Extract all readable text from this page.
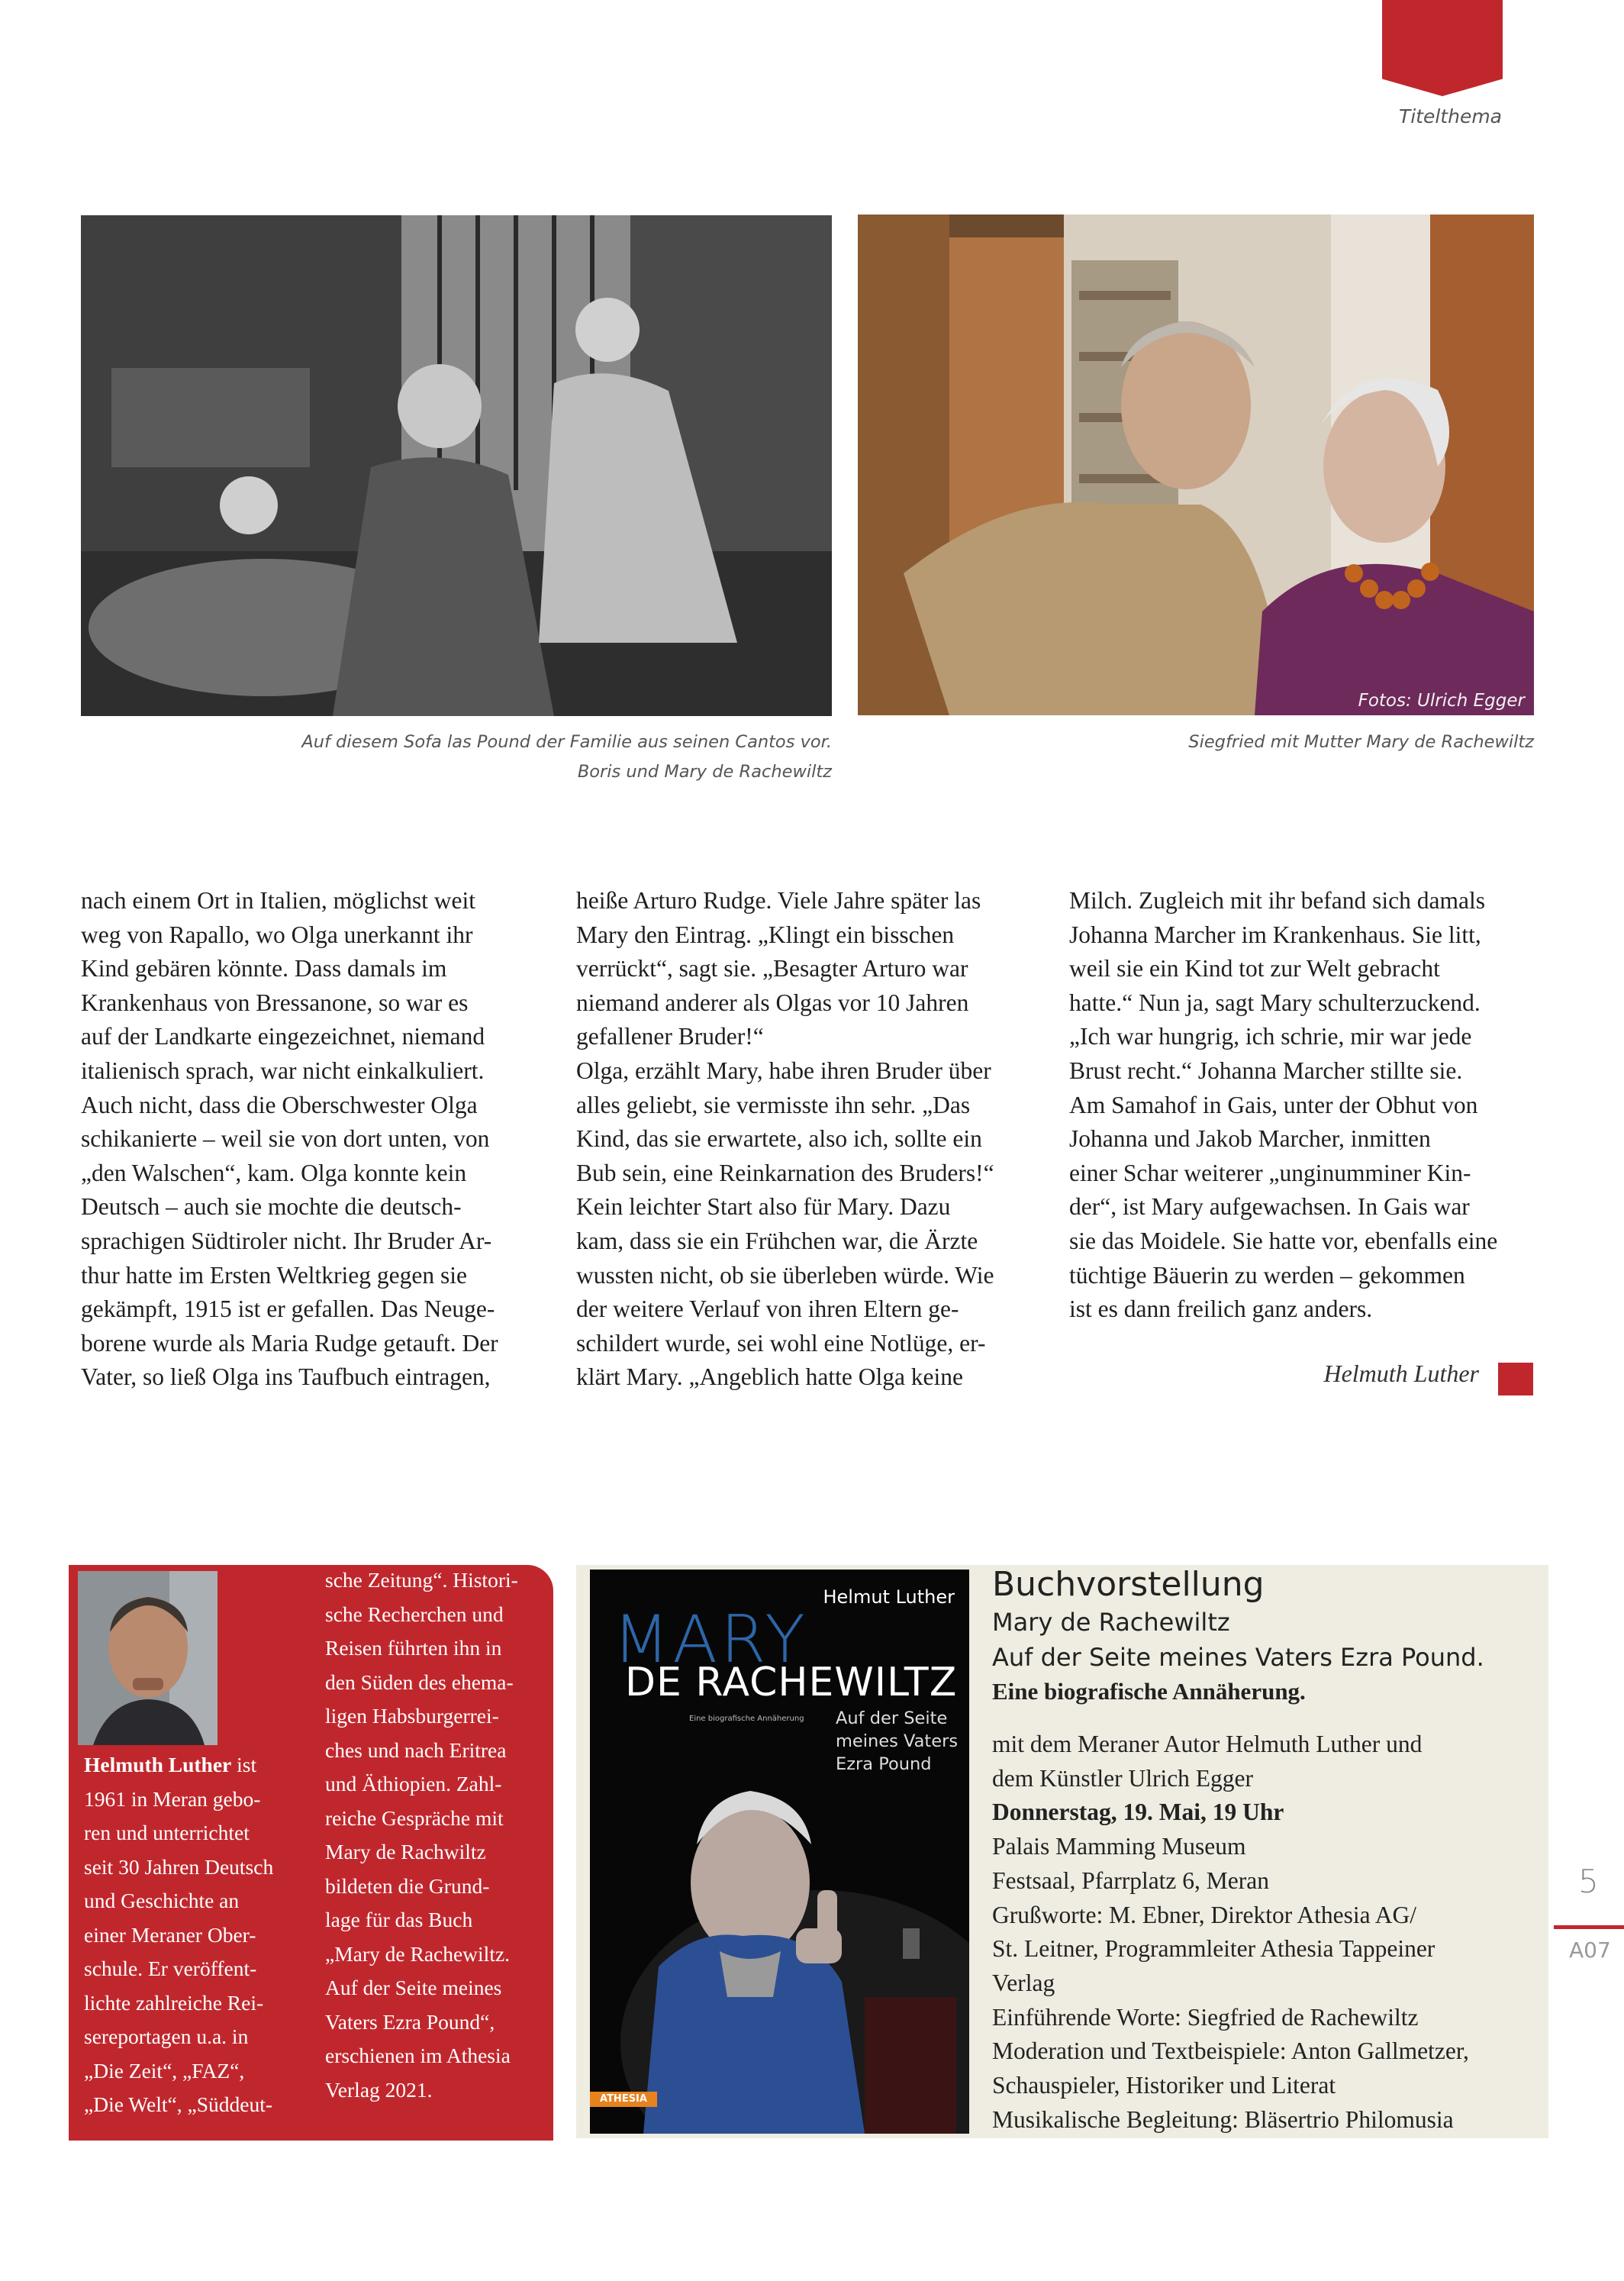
Titelthema
Fotos: Ulrich Egger
Auf diesem Sofa las Pound der Familie aus seinen Cantos vor.
Boris und Mary de Rachewiltz
Siegfried mit Mutter Mary de Rachewiltz
nach einem Ort in Italien, möglichst weit
weg von Rapallo, wo Olga unerkannt ihr
Kind gebären könnte. Dass damals im
Krankenhaus von Bressanone, so war es
auf der Landkarte eingezeichnet, niemand
italienisch sprach, war nicht einkalkuliert.
Auch nicht, dass die Oberschwester Olga
schikanierte – weil sie von dort unten, von
„den Walschen“, kam. Olga konnte kein
Deutsch – auch sie mochte die deutsch-
sprachigen Südtiroler nicht. Ihr Bruder Ar-
thur hatte im Ersten Weltkrieg gegen sie
gekämpft, 1915 ist er gefallen. Das Neuge-
borene wurde als Maria Rudge getauft. Der
Vater, so ließ Olga ins Taufbuch eintragen,
heiße Arturo Rudge. Viele Jahre später las
Mary den Eintrag. „Klingt ein bisschen
verrückt“, sagt sie. „Besagter Arturo war
niemand anderer als Olgas vor 10 Jahren
gefallener Bruder!“
Olga, erzählt Mary, habe ihren Bruder über
alles geliebt, sie vermisste ihn sehr. „Das
Kind, das sie erwartete, also ich, sollte ein
Bub sein, eine Reinkarnation des Bruders!“
Kein leichter Start also für Mary. Dazu
kam, dass sie ein Frühchen war, die Ärzte
wussten nicht, ob sie überleben würde. Wie
der weitere Verlauf von ihren Eltern ge-
schildert wurde, sei wohl eine Notlüge, er-
klärt Mary. „Angeblich hatte Olga keine
Milch. Zugleich mit ihr befand sich damals
Johanna Marcher im Krankenhaus. Sie litt,
weil sie ein Kind tot zur Welt gebracht
hatte.“ Nun ja, sagt Mary schulterzuckend.
„Ich war hungrig, ich schrie, mir war jede
Brust recht.“ Johanna Marcher stillte sie.
Am Samahof in Gais, unter der Obhut von
Johanna und Jakob Marcher, inmitten
einer Schar weiterer „unginumminer Kin-
der“, ist Mary aufgewachsen. In Gais war
sie das Moidele. Sie hatte vor, ebenfalls eine
tüchtige Bäuerin zu werden – gekommen
ist es dann freilich ganz anders.
Helmuth Luther
Helmuth Luther ist
1961 in Meran gebo-
ren und unterrichtet
seit 30 Jahren Deutsch
und Geschichte an
einer Meraner Ober-
schule. Er veröffent-
lichte zahlreiche Rei-
sereportagen u.a. in
„Die Zeit“, „FAZ“,
„Die Welt“, „Süddeut-
sche Zeitung“. Histori-
sche Recherchen und
Reisen führten ihn in
den Süden des ehema-
ligen Habsburgerrei-
ches und nach Eritrea
und Äthiopien. Zahl-
reiche Gespräche mit
Mary de Rachwiltz
bildeten die Grund-
lage für das Buch
„Mary de Rachewiltz.
Auf der Seite meines
Vaters Ezra Pound“,
erschienen im Athesia
Verlag 2021.
Helmut Luther
MARY
DE RACHEWILTZ
Eine biografische Annäherung Auf der Seite
meines Vaters
Ezra Pound
ATHESIA
Buchvorstellung
Mary de Rachewiltz
Auf der Seite meines Vaters Ezra Pound.
Eine biografische Annäherung.
mit dem Meraner Autor Helmuth Luther und
dem Künstler Ulrich Egger
Donnerstag, 19. Mai, 19 Uhr
Palais Mamming Museum
Festsaal, Pfarrplatz 6, Meran
Grußworte: M. Ebner, Direktor Athesia AG/
St. Leitner, Programmleiter Athesia Tappeiner
Verlag
Einführende Worte: Siegfried de Rachewiltz
Moderation und Textbeispiele: Anton Gallmetzer,
Schauspieler, Historiker und Literat
Musikalische Begleitung: Bläsertrio Philomusia
5
A07
